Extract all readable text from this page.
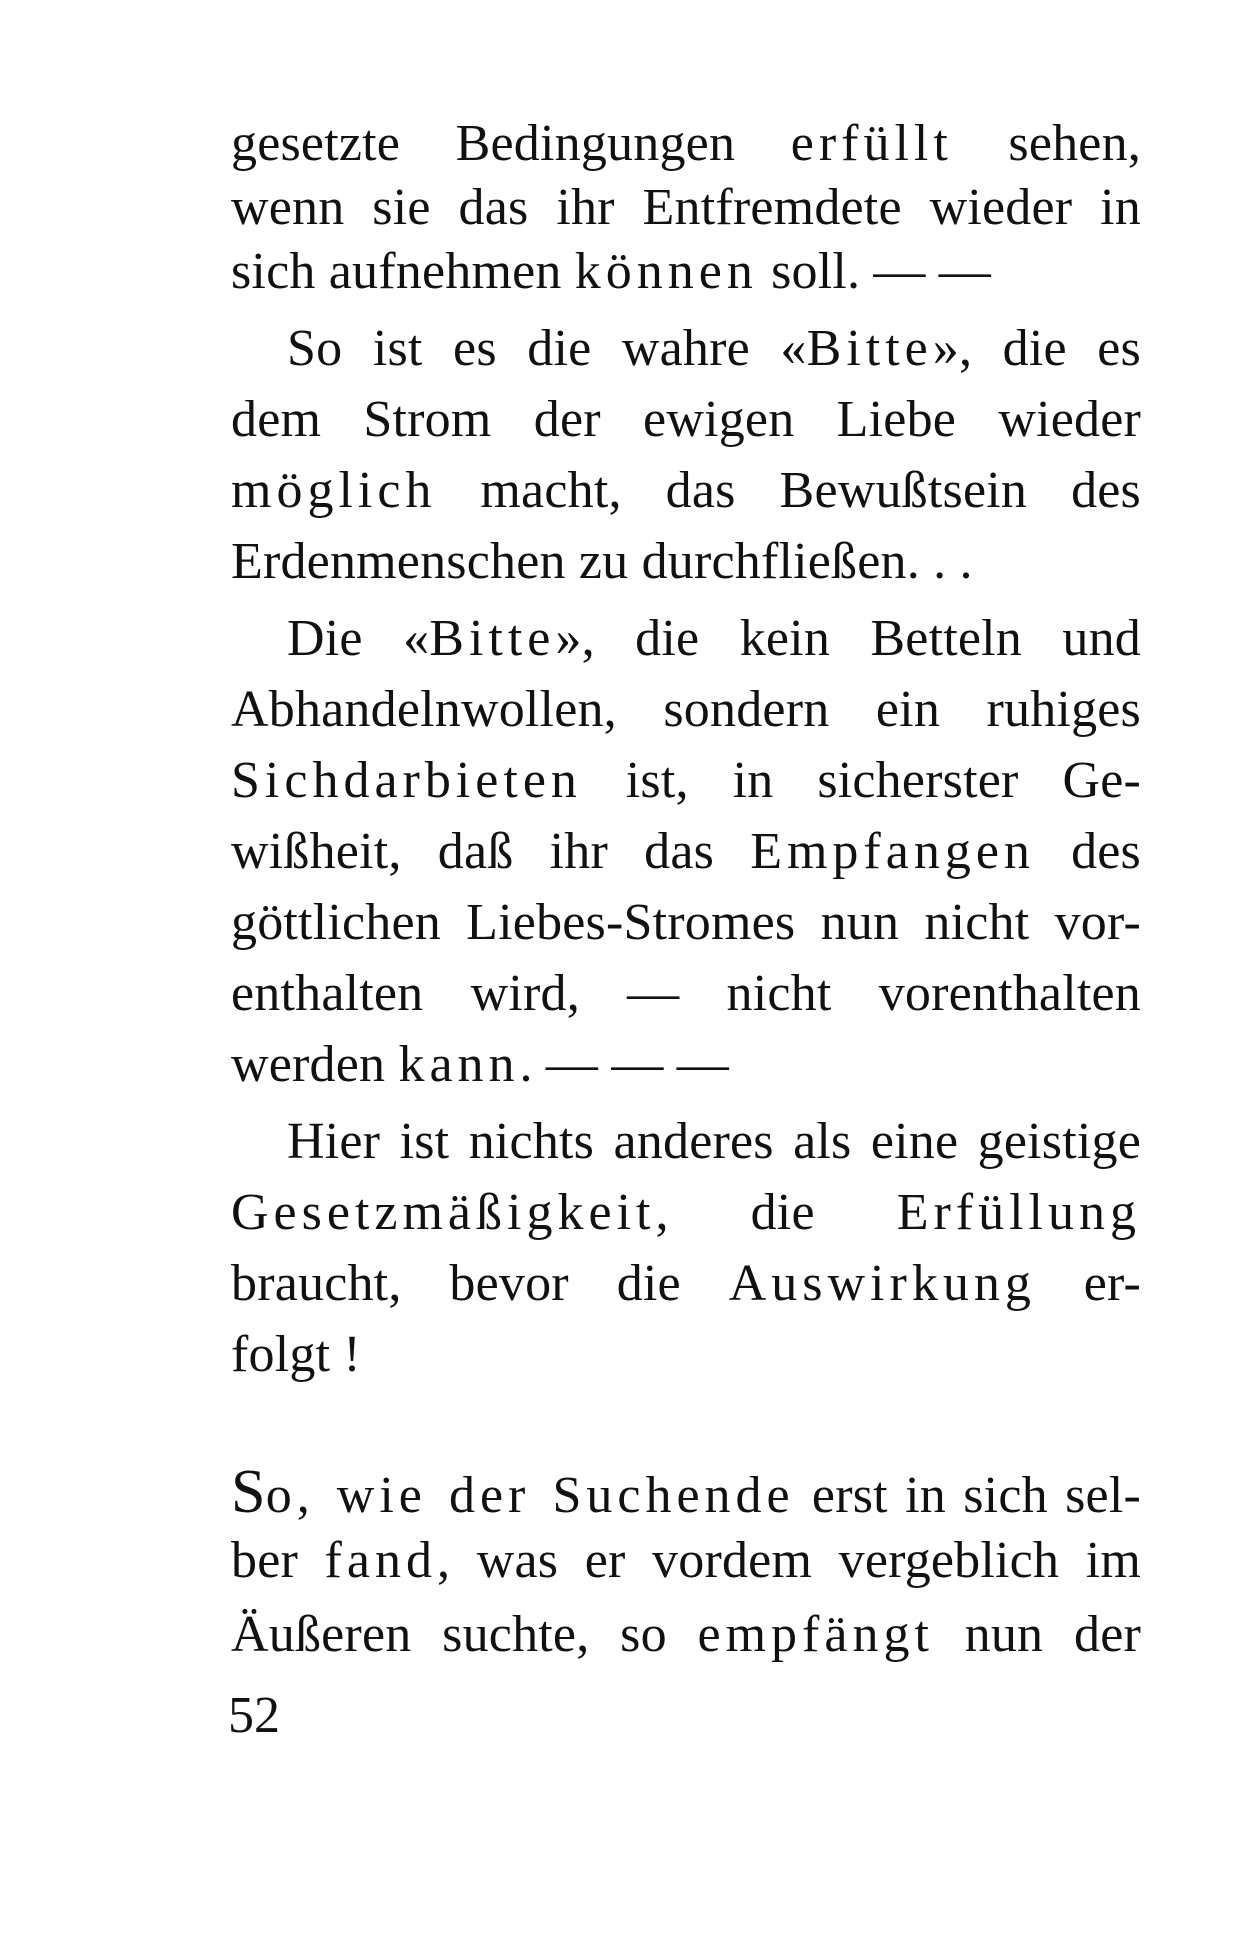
gesetzte Bedingungen erfüllt sehen,
wenn sie das ihr Entfremdete wieder in
sich aufnehmen können soll. — —
So ist es die wahre «Bitte», die es
dem Strom der ewigen Liebe wieder
möglich macht, das Bewußtsein des
Erdenmenschen zu durchfließen. . .
Die «Bitte», die kein Betteln und
Abhandelnwollen, sondern ein ruhiges
Sichdarbieten ist, in sicherster Ge-
wißheit, daß ihr das Empfangen des
göttlichen Liebes-Stromes nun nicht vor-
enthalten wird, — nicht vorenthalten
werden kann. — — —
Hier ist nichts anderes als eine geistige
Gesetzmäßigkeit, die Erfüllung
braucht, bevor die Auswirkung er-
folgt !
So, wie der Suchende erst in sich sel-
ber fand, was er vordem vergeblich im
Äußeren suchte, so empfängt nun der
52
